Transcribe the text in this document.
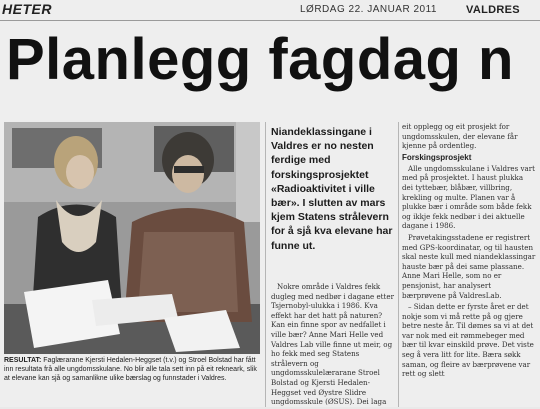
HETER	LØRDAG 22. JANUAR 2011	VALDRES
Planlegg fagdag n
RESULTAT: Faglærarane Kjersti Hedalen-Heggset (t.v.) og Stroel Bolstad har fått inn resultata frå alle ungdomsskulane. No blir alle tala sett inn på eit rekneark, slik at elevane kan sjå og samanlikne ulike bærslag og funnstader i Valdres.
Niandeklassingane i Valdres er no nesten ferdige med forskingsprosjektet «Radioaktivitet i ville bær». I slutten av mars kjem Statens strålevern for å sjå kva elevane har funne ut.

Nokre område i Valdres fekk dugleg med nedbør i dagane etter Tsjernobyl-ulukka i 1986. Kva effekt har det hatt på naturen? Kan ein finne spor av nedfallet i ville bær? Anne Mari Helle ved Valdres Lab ville finne ut meir, og ho fekk med seg Statens strålevern og ungdomsskulelærarane Stroel Bolstad og Kjersti Hedalen-Heggset ved Øystre Slidre ungdomsskule (ØSUS). Dei laga

eit opplegg og eit prosjekt for ungdomsskulen, der elevane får kjenne på ordentleg.

Forskingsprosjekt

Alle ungdomsskulane i Valdres vart med på prosjektet. I haust plukka dei tyttebær, blåbær, villbring, krekling og multe. Planen var å plukke bær i område som både fekk og ikkje fekk nedbør i dei aktuelle dagane i 1986.

Prøvetakingsstadene er registrert med GPS-koordinatar, og til hausten skal neste kull med niandeklassingar hauste bær på dei same plassane. Anne Mari Helle, som no er pensjonist, har analysert bærprøvene på ValdresLab.

– Sidan dette er fyrste året er det nokje som vi må rette på og gjere betre neste år. Til dømes sa vi at det var nok med eit rømmebeger med bær til kvar einskild prøve. Det viste seg å vera litt for lite. Bæra søkk saman, og fleire av bærprøvene var rett og slett
